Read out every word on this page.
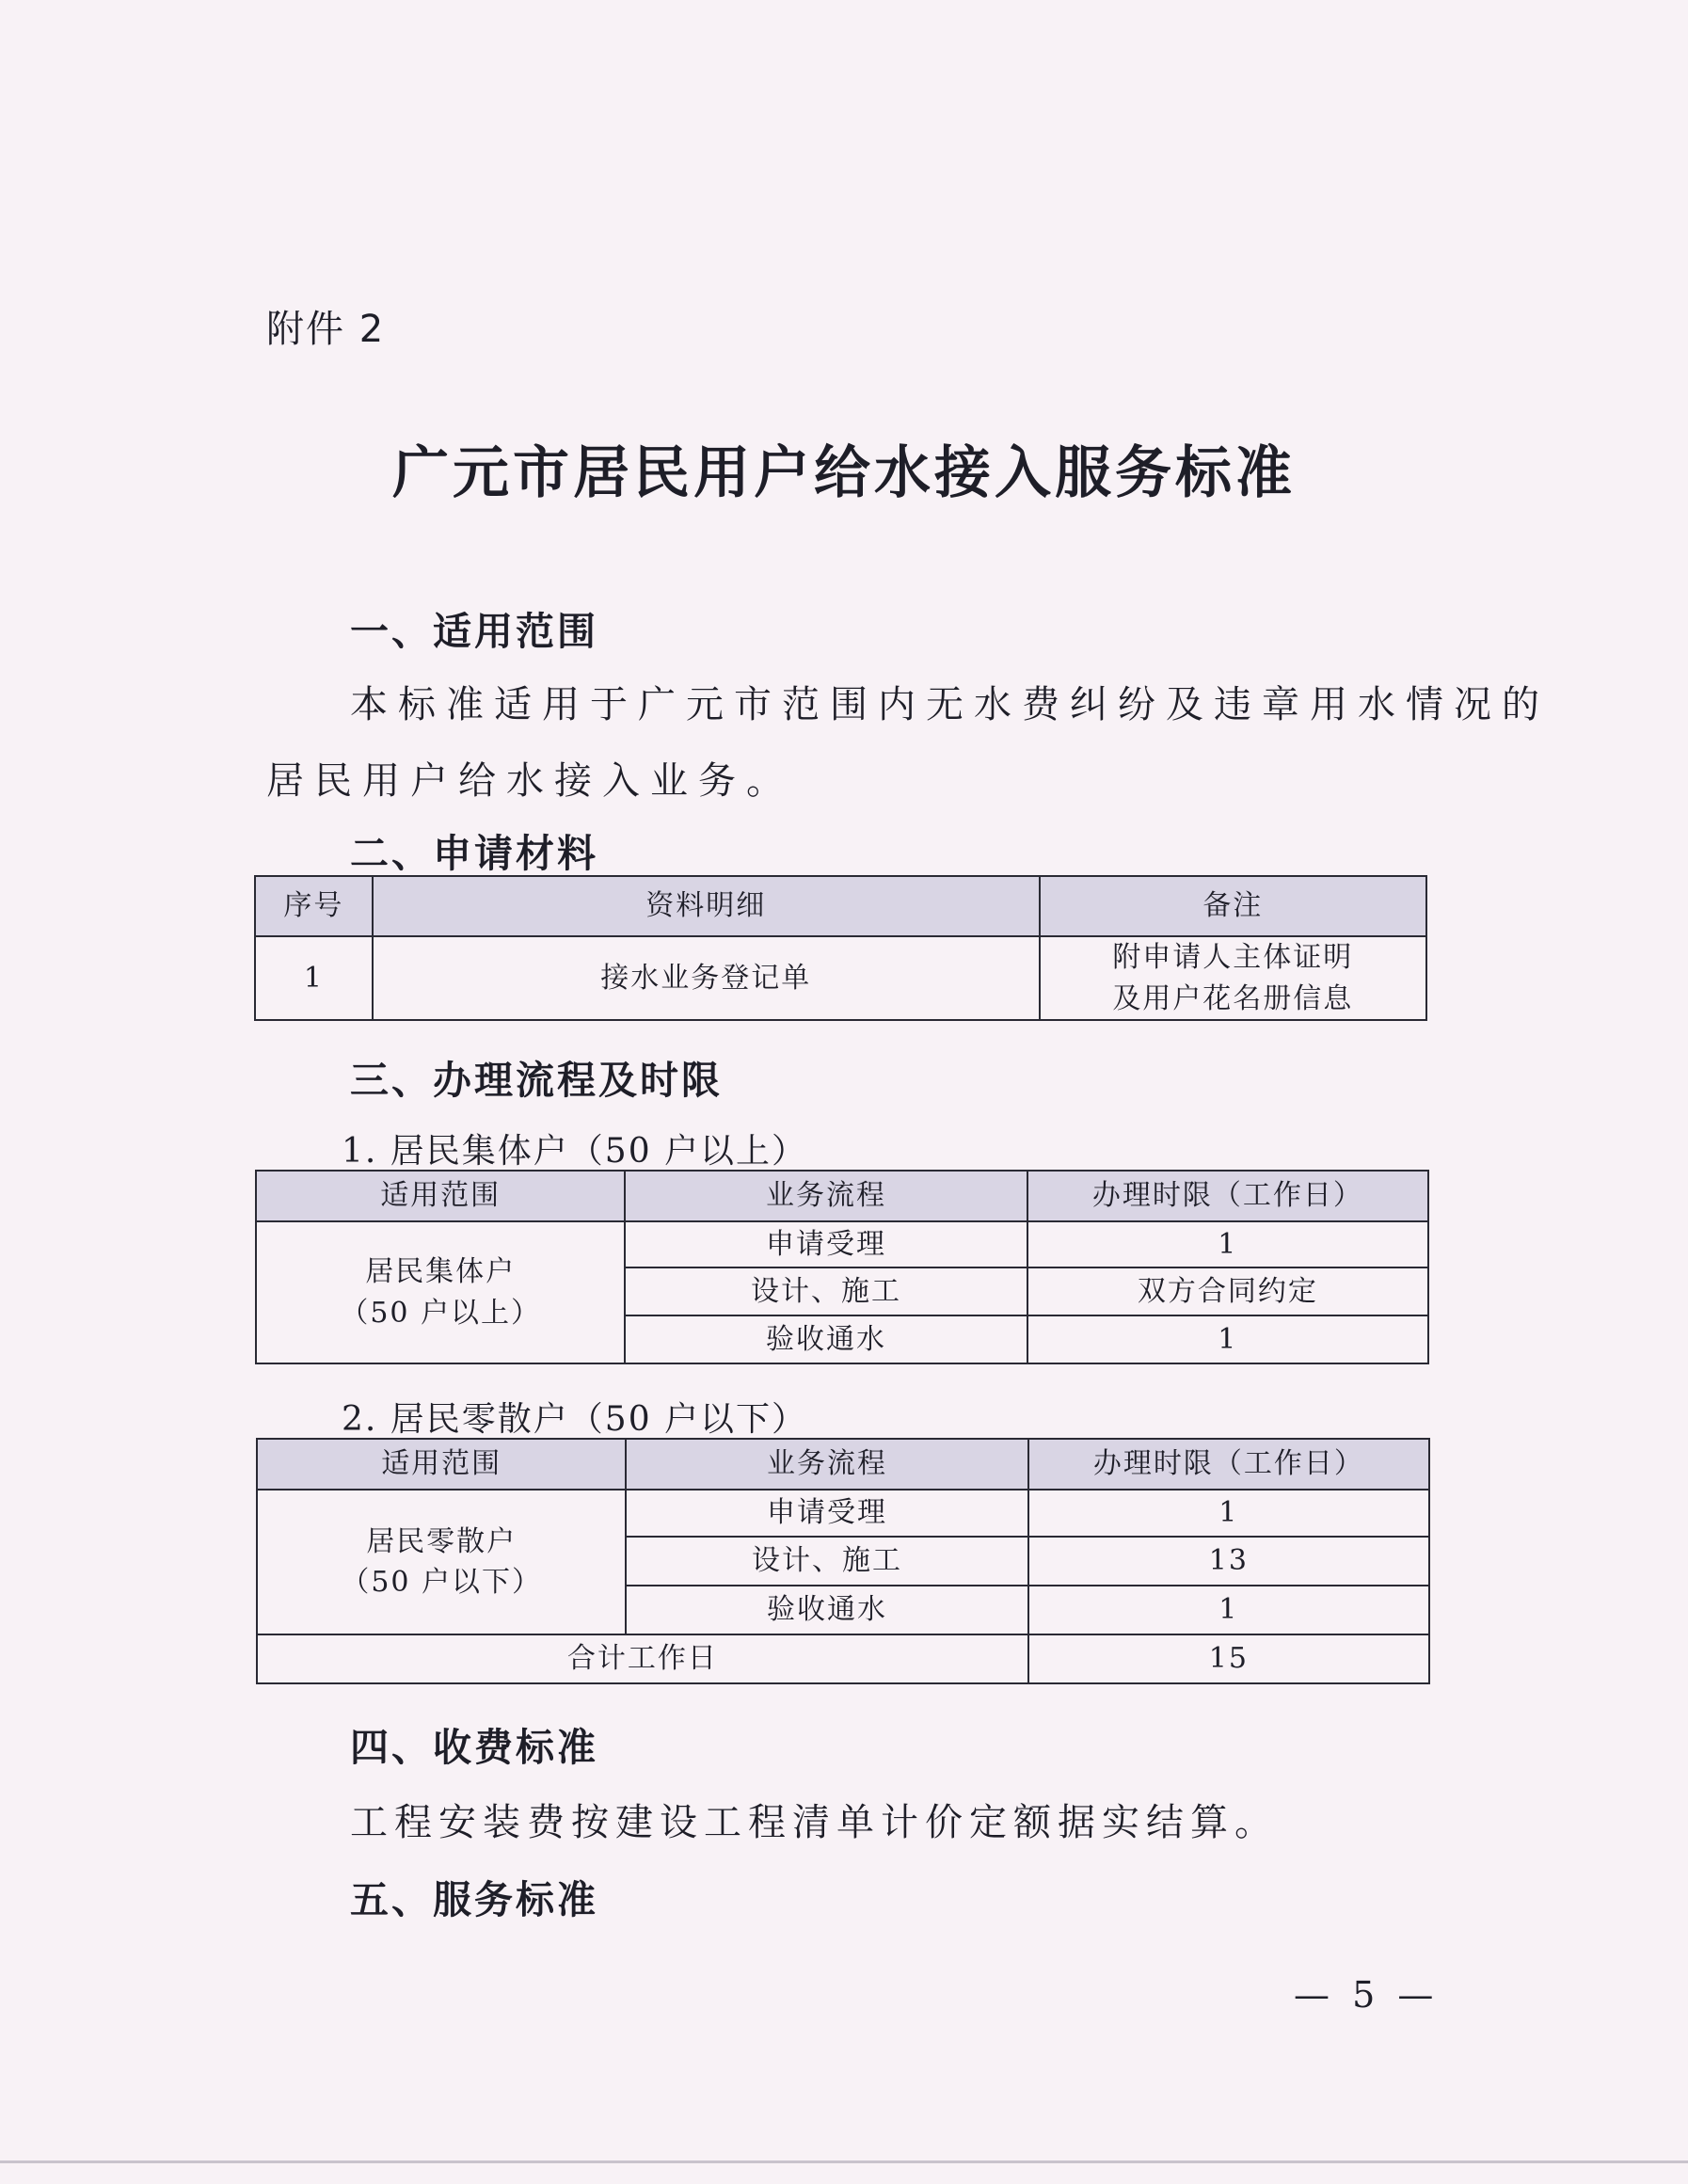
附件 2
广元市居民用户给水接入服务标准
一、适用范围
本标准适用于广元市范围内无水费纠纷及违章用水情况的
居民用户给水接入业务。
二、申请材料
序号	资料明细	备注
1	接水业务登记单	附申请人主体证明
及用户花名册信息
三、办理流程及时限
1. 居民集体户（50 户以上）
适用范围	业务流程	办理时限（工作日）

居民集体户
（50 户以上）	申请受理	1
	设计、施工	双方合同约定
	验收通水	1
2. 居民零散户（50 户以下）
适用范围	业务流程	办理时限（工作日）

居民零散户
（50 户以下）	申请受理	1
	设计、施工	13
	验收通水	1
合计工作日		15
四、收费标准
工程安装费按建设工程清单计价定额据实结算。
五、服务标准
— 5 —
